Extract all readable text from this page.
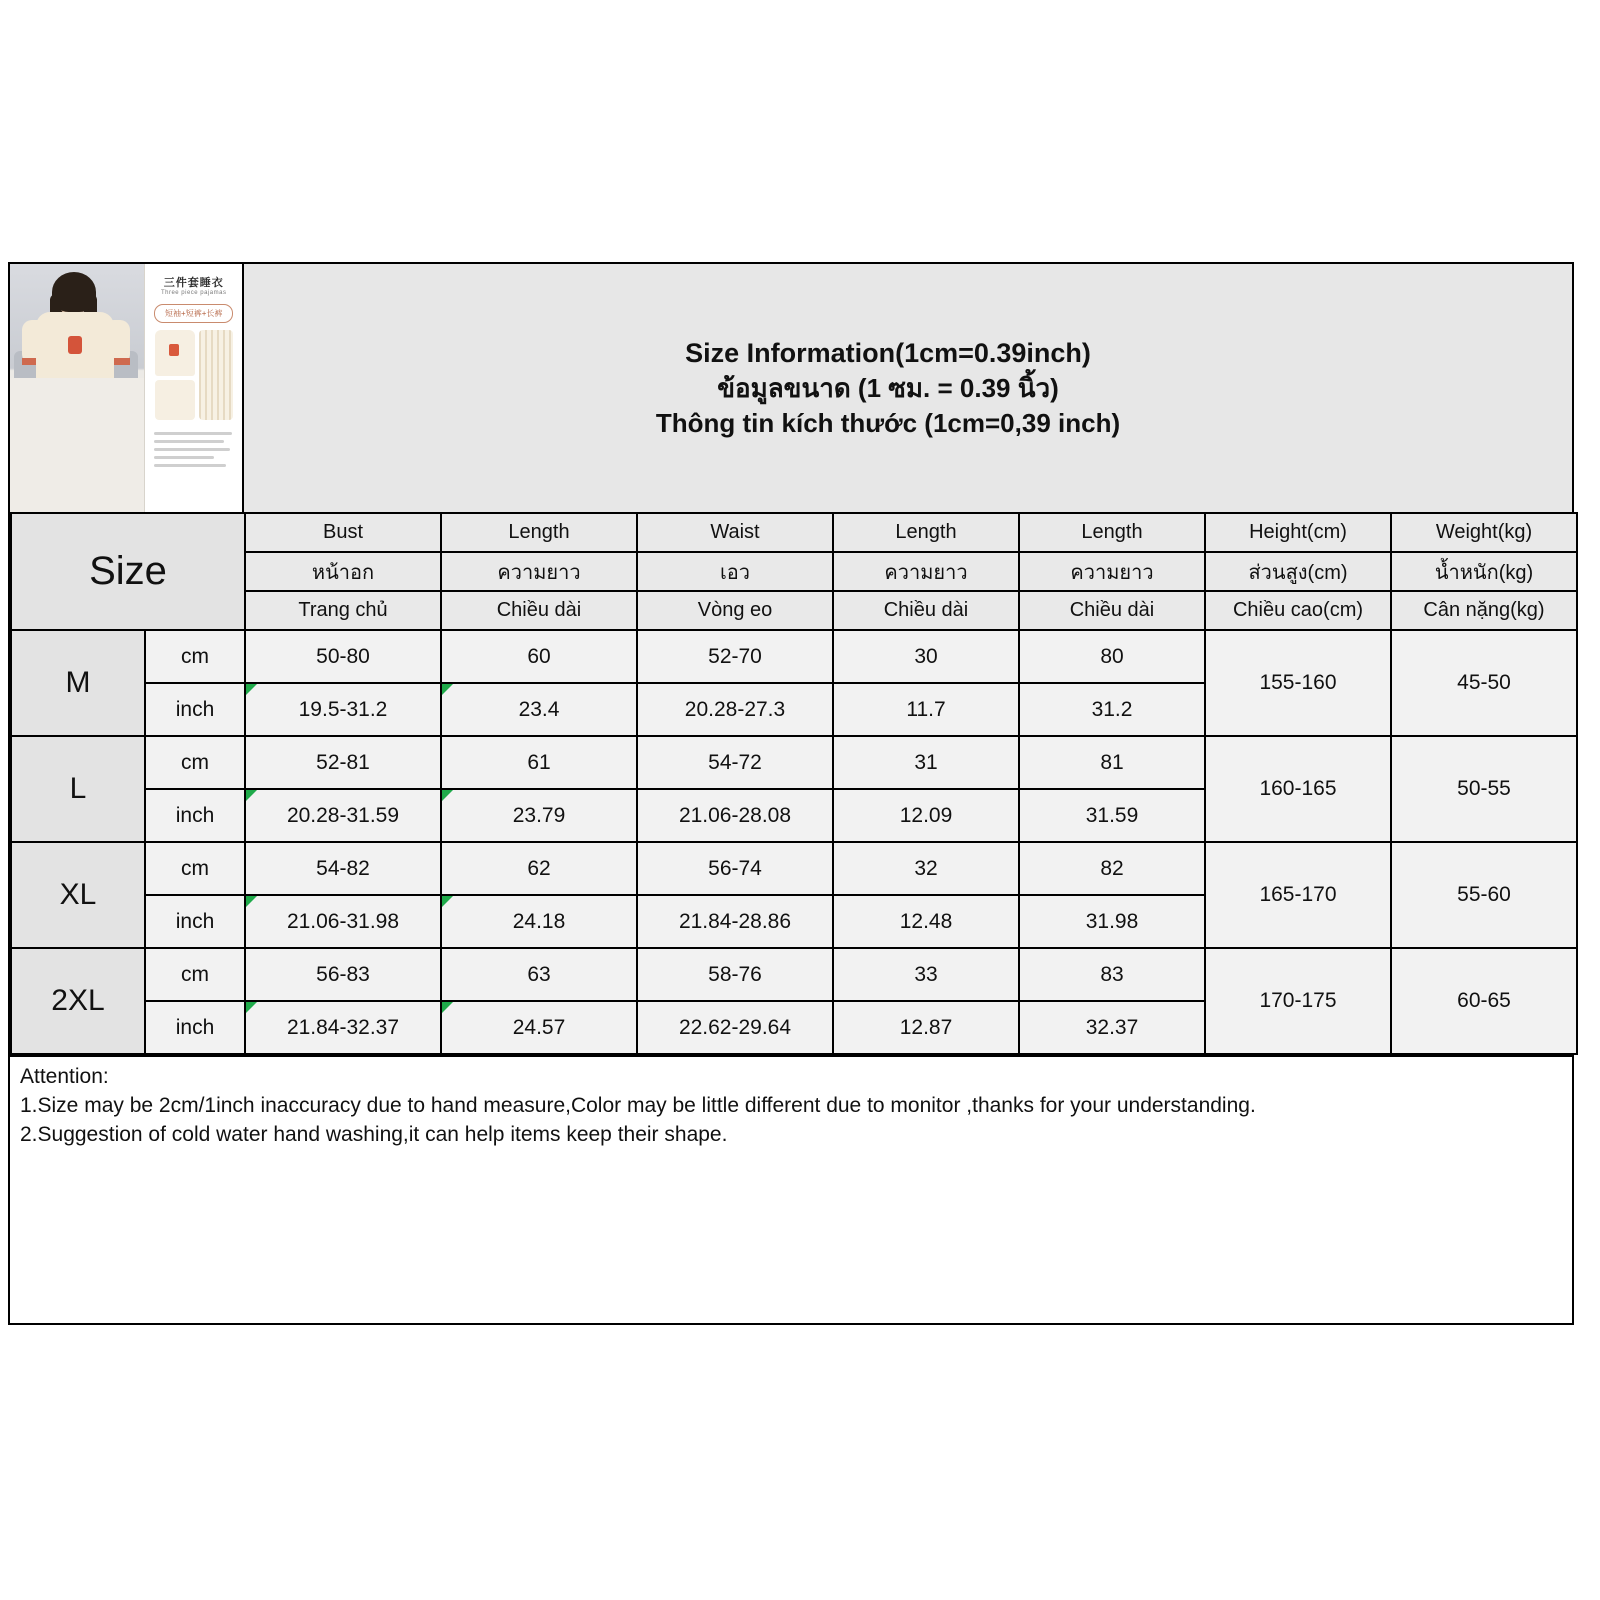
三件套睡衣
Three piece pajamas
短袖+短裤+长裤
Size Information(1cm=0.39inch)
ข้อมูลขนาด (1 ซม. = 0.39 นิ้ว)
Thông tin kích thước (1cm=0,39 inch)
Size		Bust	Length	Waist	Length	Length	Height(cm)	Weight(kg)
		หน้าอก	ความยาว	เอว	ความยาว	ความยาว	ส่วนสูง(cm)	น้ำหนัก(kg)
		Trang chủ	Chiều dài	Vòng eo	Chiều dài	Chiều dài	Chiều cao(cm)	Cân nặng(kg)
M	cm	50-80	60	52-70	30	80	155-160	45-50
	inch	19.5-31.2	23.4	20.28-27.3	11.7	31.2		
L	cm	52-81	61	54-72	31	81	160-165	50-55
	inch	20.28-31.59	23.79	21.06-28.08	12.09	31.59		
XL	cm	54-82	62	56-74	32	82	165-170	55-60
	inch	21.06-31.98	24.18	21.84-28.86	12.48	31.98		
2XL	cm	56-83	63	58-76	33	83	170-175	60-65
	inch	21.84-32.37	24.57	22.62-29.64	12.87	32.37		
Attention:
1.Size may be 2cm/1inch inaccuracy due to hand measure,Color may be little different due to monitor ,thanks for your understanding.
2.Suggestion of cold water hand washing,it can help items keep their shape.
